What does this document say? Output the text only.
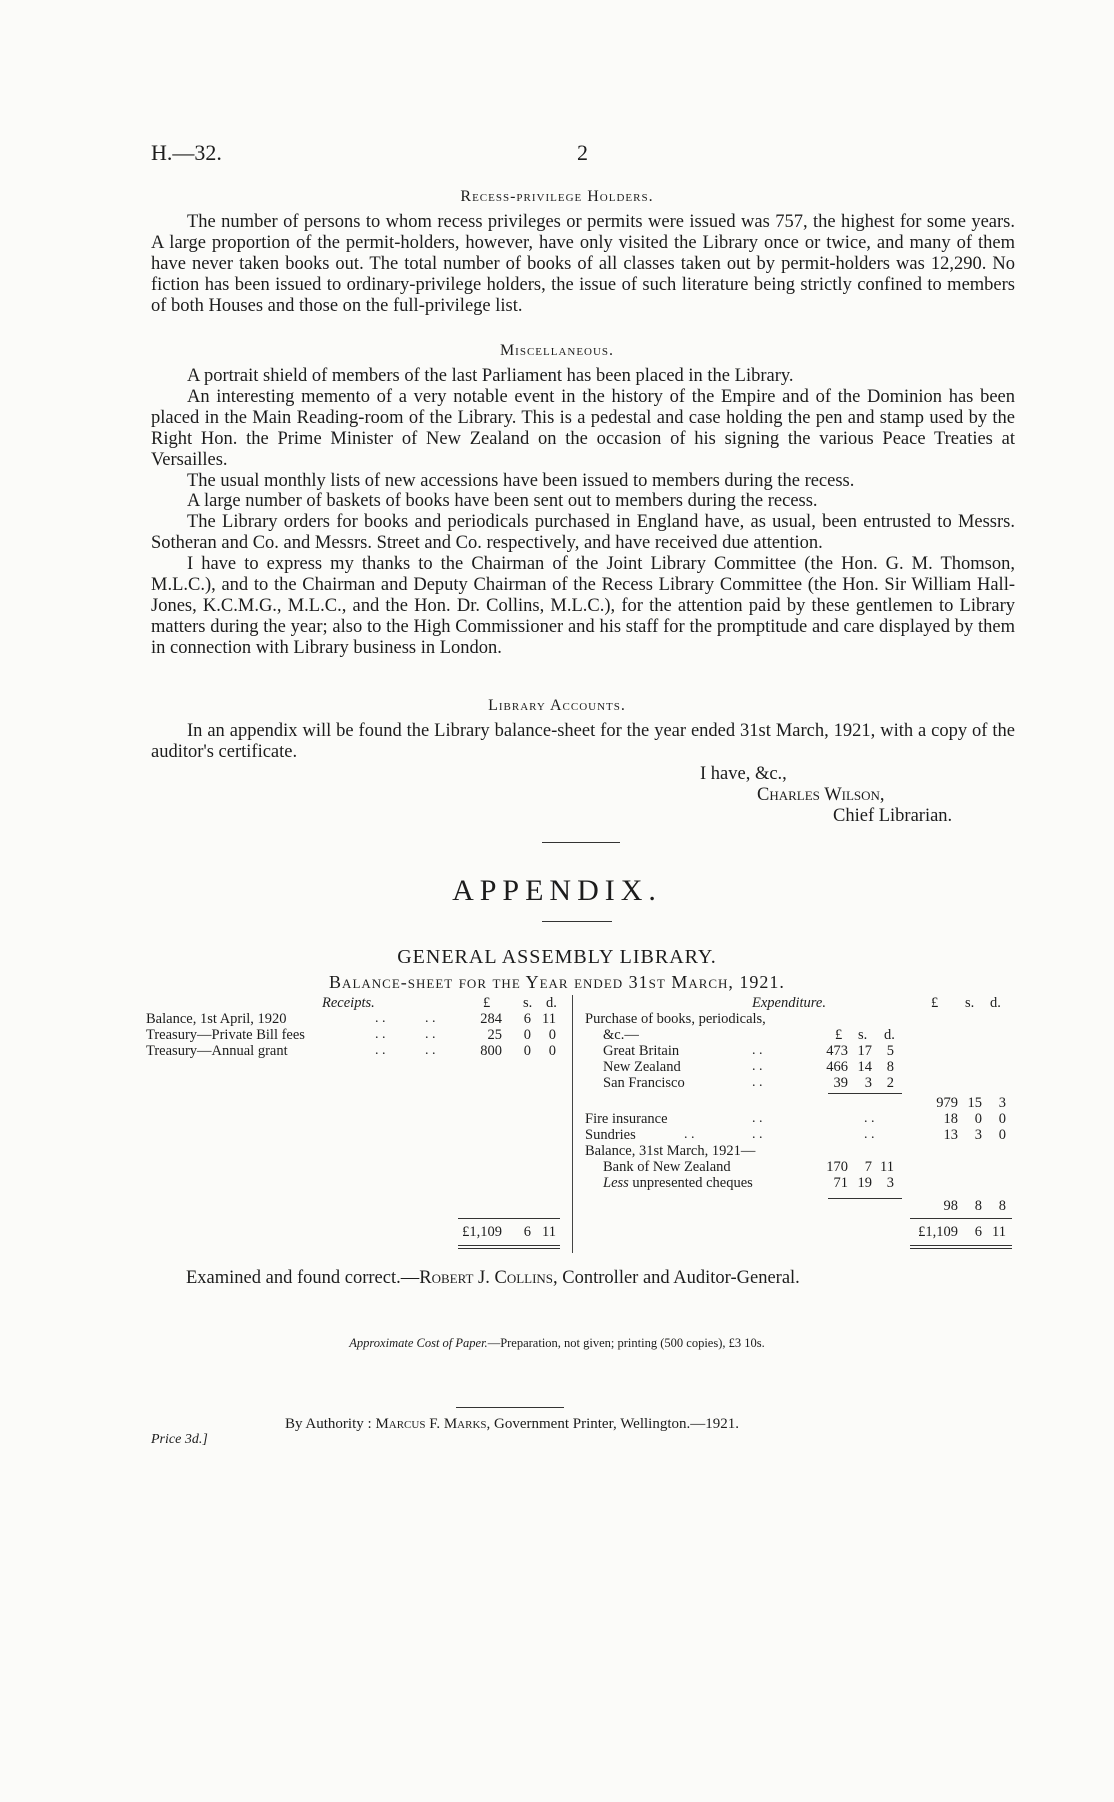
H.—32.	2
Recess-privilege Holders.

The number of persons to whom recess privileges or permits were issued was 757, the highest for some years. A large proportion of the permit-holders, however, have only visited the Library once or twice, and many of them have never taken books out. The total number of books of all classes taken out by permit-holders was 12,290. No fiction has been issued to ordinary-privilege holders, the issue of such literature being strictly confined to members of both Houses and those on the full-privilege list.

Miscellaneous.

A portrait shield of members of the last Parliament has been placed in the Library.

An interesting memento of a very notable event in the history of the Empire and of the Dominion has been placed in the Main Reading-room of the Library. This is a pedestal and case holding the pen and stamp used by the Right Hon. the Prime Minister of New Zealand on the occasion of his signing the various Peace Treaties at Versailles.

The usual monthly lists of new accessions have been issued to members during the recess.

A large number of baskets of books have been sent out to members during the recess.

The Library orders for books and periodicals purchased in England have, as usual, been entrusted to Messrs. Sotheran and Co. and Messrs. Street and Co. respectively, and have received due attention.

I have to express my thanks to the Chairman of the Joint Library Committee (the Hon. G. M. Thomson, M.L.C.), and to the Chairman and Deputy Chairman of the Recess Library Committee (the Hon. Sir William Hall-Jones, K.C.M.G., M.L.C., and the Hon. Dr. Collins, M.L.C.), for the attention paid by these gentlemen to Library matters during the year; also to the High Commissioner and his staff for the promptitude and care displayed by them in connection with Library business in London.

Library Accounts.

In an appendix will be found the Library balance-sheet for the year ended 31st March, 1921, with a copy of the auditor's certificate.

I have, &c.,
Charles Wilson,
Chief Librarian.
APPENDIX.
GENERAL ASSEMBLY LIBRARY.
Balance-sheet for the Year ended 31st March, 1921.
Receipts.	£ s. d.
Balance, 1st April, 1920	. .	. .	284	6 11
Treasury—Private Bill fees	. .	. .	25	0	0
Treasury—Annual grant	. .	. .	800	0	0
£1,109	6 11
Expenditure.	£ s. d.
Purchase of books, periodicals,
&c.—	£ s. d.
Great Britain	. .	473 17	5
New Zealand	. .	466 14	8
San Francisco	. .	39	3	2
979 15	3
Fire insurance	. .	. .	18	0	0
Sundries	. .	. .	. .	13	3	0
Balance, 31st March, 1921—
Bank of New Zealand	170	7 11
Less unpresented cheques	71 19	3
98	8	8
£1,109	6 11
Examined and found correct.—Robert J. Collins, Controller and Auditor-General.
Approximate Cost of Paper.—Preparation, not given; printing (500 copies), £3 10s.
Price 3d.]
By Authority : Marcus F. Marks, Government Printer, Wellington.—1921.
